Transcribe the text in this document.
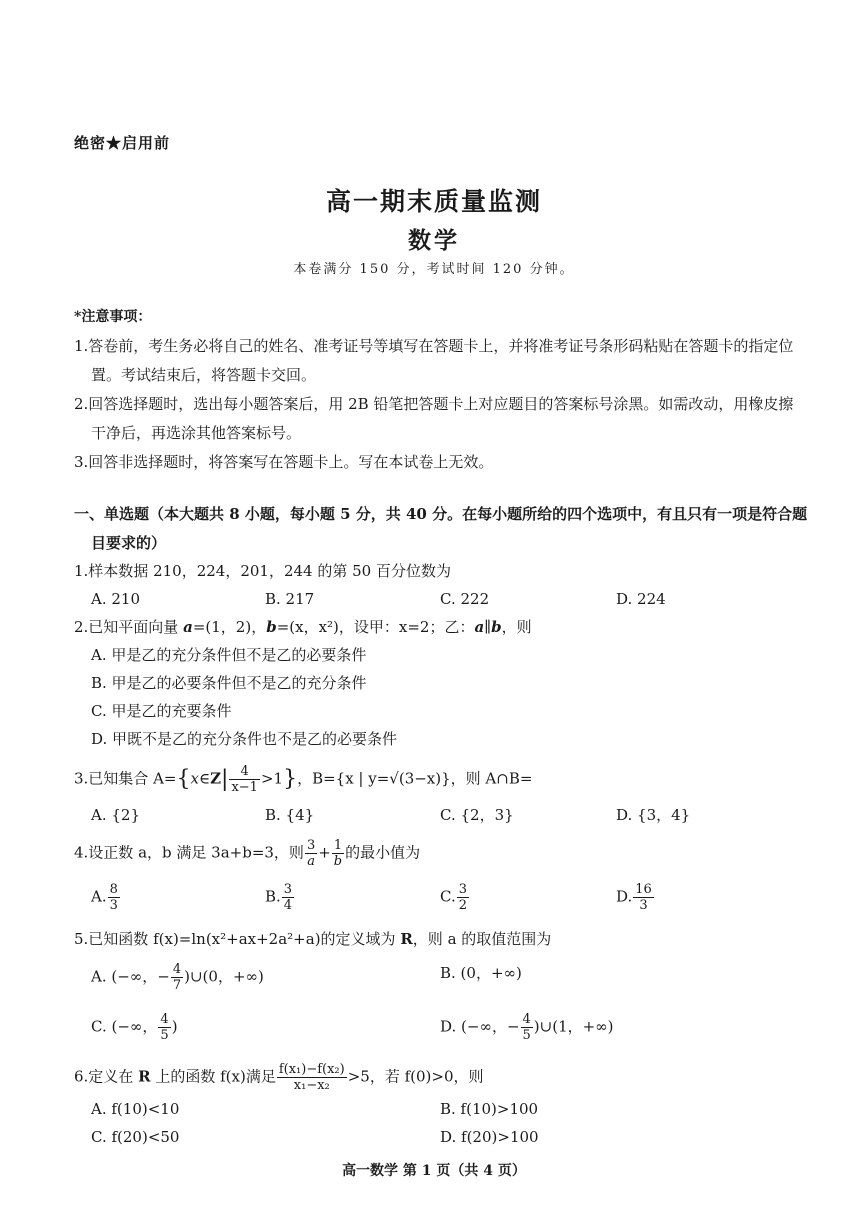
绝密★启用前
高一期末质量监测
数学
本卷满分 150 分，考试时间 120 分钟。
*注意事项：

1.答卷前，考生务必将自己的姓名、准考证号等填写在答题卡上，并将准考证号条形码粘贴在答题卡的指定位置。考试结束后，将答题卡交回。

2.回答选择题时，选出每小题答案后，用 2B 铅笔把答题卡上对应题目的答案标号涂黑。如需改动，用橡皮擦干净后，再选涂其他答案标号。

3.回答非选择题时，将答案写在答题卡上。写在本试卷上无效。

一、单选题（本大题共 8 小题，每小题 5 分，共 40 分。在每小题所给的四个选项中，有且只有一项是符合题目要求的）
1.样本数据 210，224，201，244 的第 50 百分位数为
A. 210	B. 217	C. 222	D. 224
2.已知平面向量 a=(1，2)，b=(x，x²)，设甲：x=2；乙：a∥b，则
A. 甲是乙的充分条件但不是乙的必要条件
B. 甲是乙的必要条件但不是乙的充分条件
C. 甲是乙的充要条件
D. 甲既不是乙的充分条件也不是乙的必要条件
3.已知集合 A={x∈Z| $\frac{4}{x-1} >1$}，B={x | y=√(3−x)}，则 A∩B=
A. {2}	B. {4}	C. {2，3}	D. {3，4}
4.设正数 a，b 满足 3a+b=3，则 $\frac{3}{a} + \frac{1}{b}$ 的最小值为
A. $\frac{8}{3}$	B. $\frac{3}{4}$	C. $\frac{3}{2}$	D. $\frac{16}{3}$
5.已知函数 f(x)=ln(x²+ax+2a²+a)的定义域为 R，则 a 的取值范围为
A. (−∞，− $\frac{4}{7}$ )∪(0，+∞)	B. (0，+∞)
C. (−∞， $\frac{4}{5}$ )	D. (−∞，− $\frac{4}{5}$ )∪(1，+∞)
6.定义在 R 上的函数 f(x)满足 $\frac{\text{f(x₁)−f(x₂)}}{\text{x₁−x₂}} >5$，若 f(0)>0，则
A. f(10)<10	B. f(10)>100
C. f(20)<50	D. f(20)>100
高一数学 第 1 页（共 4 页）
